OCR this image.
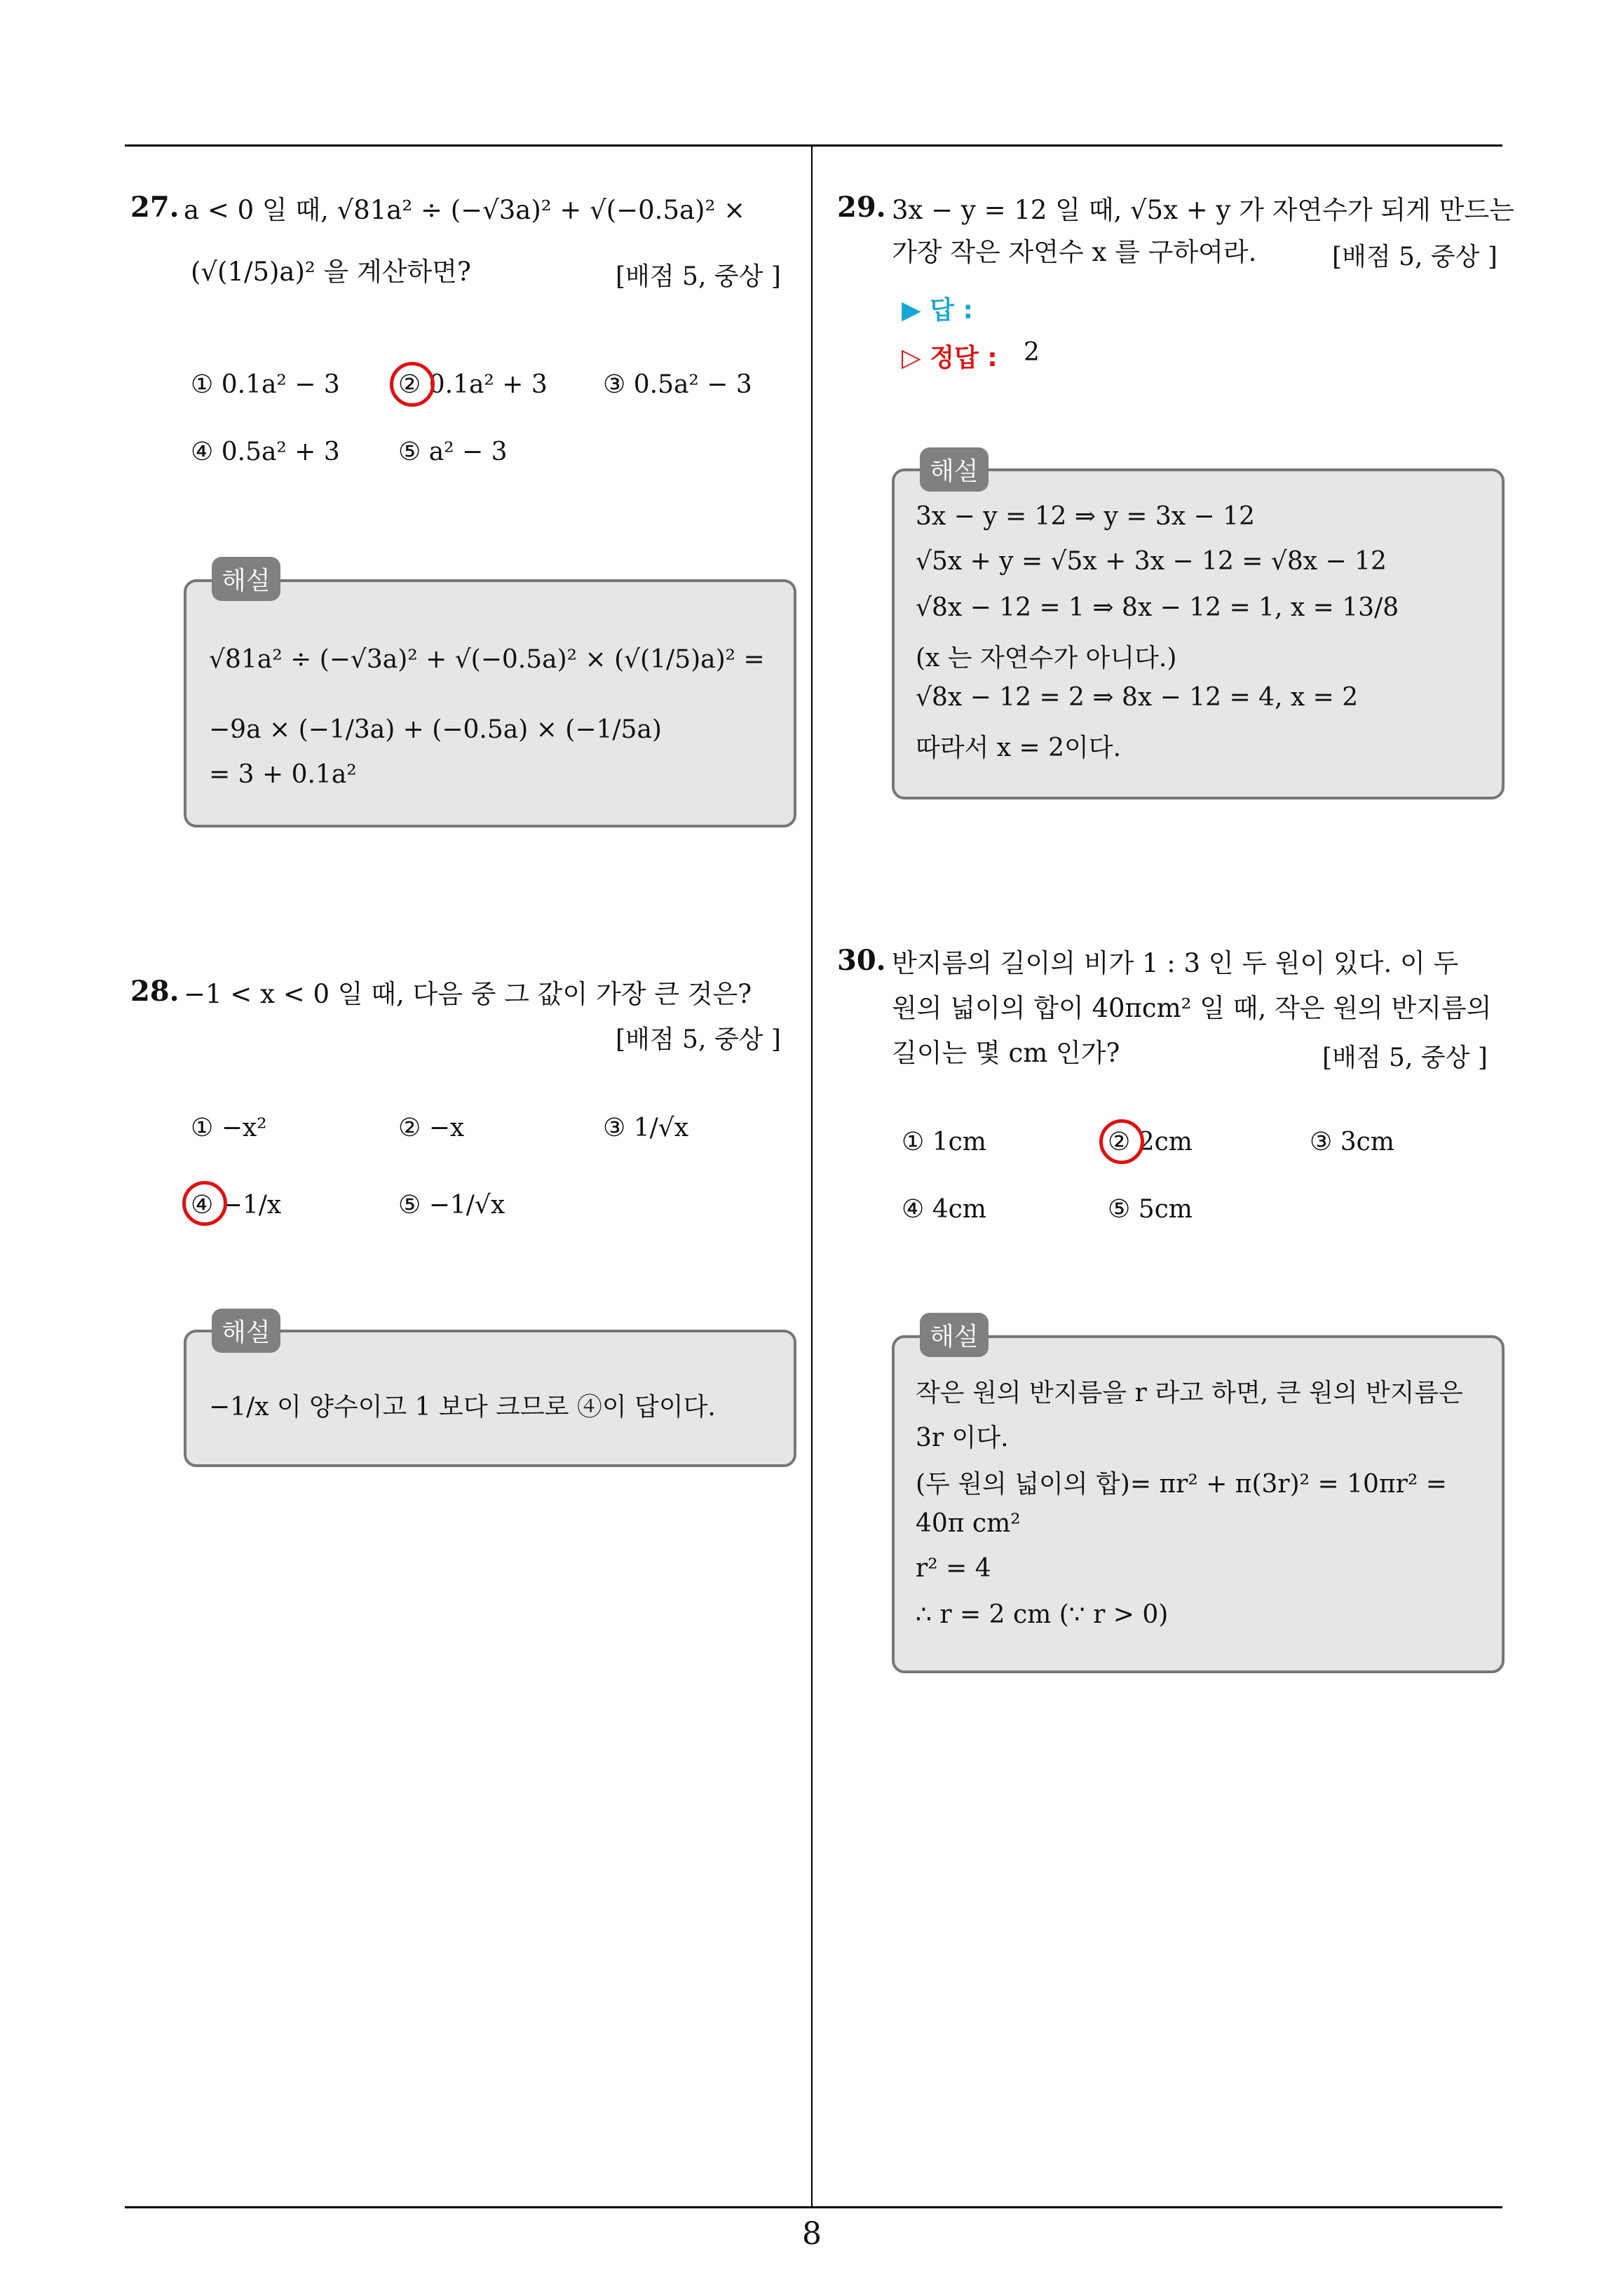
27. a < 0 일 때, √81a² ÷ (−√3a)² + √(−0.5a)² ×
(√(1/5)a)² 을 계산하면?	[배점 5, 중상 ]
① 0.1a² − 3 ② 0.1a² + 3 ③ 0.5a² − 3
④ 0.5a² + 3 ⑤ a² − 3
해설
√81a² ÷ (−√3a)² + √(−0.5a)² × (√(1/5)a)² =
−9a × (−1/3a) + (−0.5a) × (−1/5a)
= 3 + 0.1a²
28. −1 < x < 0 일 때, 다음 중 그 값이 가장 큰 것은?
[배점 5, 중상 ]
① −x²	② −x	③ 1/√x
④ −1/x	⑤ −1/√x
해설
−1/x 이 양수이고 1 보다 크므로 ④이 답이다.
29. 3x − y = 12 일 때, √5x + y 가 자연수가 되게 만드는
가장 작은 자연수 x 를 구하여라.	[배점 5, 중상 ]
▶ 답 :
▷ 정답 : 2
해설
3x − y = 12 ⇒ y = 3x − 12
√5x + y = √5x + 3x − 12 = √8x − 12
√8x − 12 = 1 ⇒ 8x − 12 = 1, x = 13/8
(x 는 자연수가 아니다.)
√8x − 12 = 2 ⇒ 8x − 12 = 4, x = 2
따라서 x = 2이다.
30. 반지름의 길이의 비가 1 : 3 인 두 원이 있다. 이 두
원의 넓이의 합이 40πcm² 일 때, 작은 원의 반지름의
길이는 몇 cm 인가?	[배점 5, 중상 ]
① 1cm	② 2cm	③ 3cm
④ 4cm	⑤ 5cm
해설
작은 원의 반지름을 r 라고 하면, 큰 원의 반지름은
3r 이다.
(두 원의 넓이의 합)= πr² + π(3r)² = 10πr² =
40π cm²
r² = 4
∴ r = 2 cm (∵ r > 0)
8
